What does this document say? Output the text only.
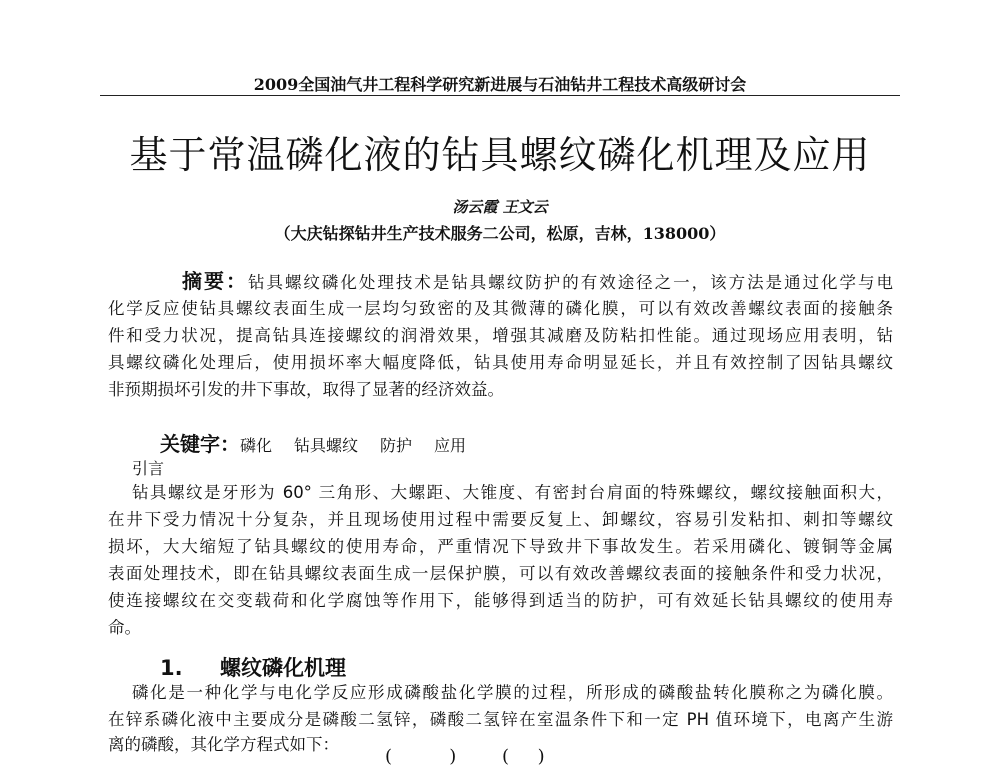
2009全国油气井工程科学研究新进展与石油钻井工程技术高级研讨会
基于常温磷化液的钻具螺纹磷化机理及应用
汤云霞 王文云
（大庆钻探钻井生产技术服务二公司，松原，吉林，138000）
摘要：钻具螺纹磷化处理技术是钻具螺纹防护的有效途径之一，该方法是通过化学与电
化学反应使钻具螺纹表面生成一层均匀致密的及其微薄的磷化膜，可以有效改善螺纹表面的接触条
件和受力状况，提高钻具连接螺纹的润滑效果，增强其减磨及防粘扣性能。通过现场应用表明，钻
具螺纹磷化处理后，使用损坏率大幅度降低，钻具使用寿命明显延长，并且有效控制了因钻具螺纹
非预期损坏引发的井下事故，取得了显著的经济效益。
关键字：磷化 钻具螺纹 防护 应用
引言
钻具螺纹是牙形为 60° 三角形、大螺距、大锥度、有密封台肩面的特殊螺纹，螺纹接触面积大，
在井下受力情况十分复杂，并且现场使用过程中需要反复上、卸螺纹，容易引发粘扣、刺扣等螺纹
损坏，大大缩短了钻具螺纹的使用寿命，严重情况下导致井下事故发生。若采用磷化、镀铜等金属
表面处理技术，即在钻具螺纹表面生成一层保护膜，可以有效改善螺纹表面的接触条件和受力状况，
使连接螺纹在交变载荷和化学腐蚀等作用下，能够得到适当的防护，可有效延长钻具螺纹的使用寿
命。
1. 螺纹磷化机理
磷化是一种化学与电化学反应形成磷酸盐化学膜的过程，所形成的磷酸盐转化膜称之为磷化膜。
在锌系磷化液中主要成分是磷酸二氢锌，磷酸二氢锌在室温条件下和一定 PH 值环境下，电离产生游
离的磷酸，其化学方程式如下：
(          )        (     )
